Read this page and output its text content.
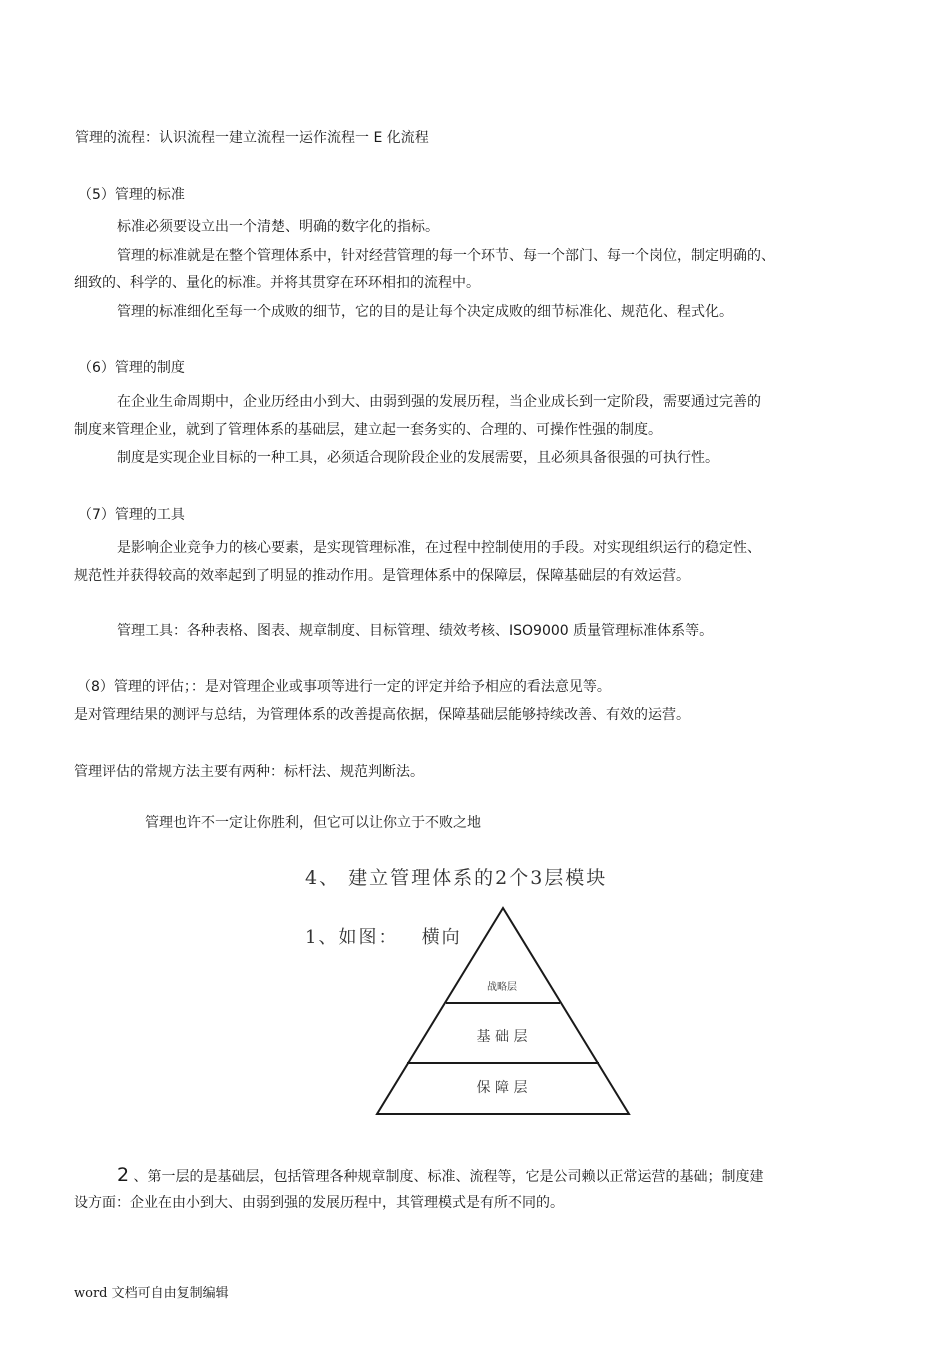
管理的流程：认识流程一建立流程一运作流程一 E 化流程
（5）管理的标准
标准必须要设立出一个清楚、明确的数字化的指标。
管理的标准就是在整个管理体系中，针对经营管理的每一个环节、每一个部门、每一个岗位，制定明确的、
细致的、科学的、量化的标准。并将其贯穿在环环相扣的流程中。
管理的标准细化至每一个成败的细节，它的目的是让每个决定成败的细节标准化、规范化、程式化。
（6）管理的制度
在企业生命周期中，企业历经由小到大、由弱到强的发展历程，当企业成长到一定阶段，需要通过完善的
制度来管理企业，就到了管理体系的基础层，建立起一套务实的、合理的、可操作性强的制度。
制度是实现企业目标的一种工具，必须适合现阶段企业的发展需要，且必须具备很强的可执行性。
（7）管理的工具
是影响企业竞争力的核心要素，是实现管理标准，在过程中控制使用的手段。对实现组织运行的稳定性、
规范性并获得较高的效率起到了明显的推动作用。是管理体系中的保障层，保障基础层的有效运营。
管理工具：各种表格、图表、规章制度、目标管理、绩效考核、ISO9000 质量管理标准体系等。
（8）管理的评估；：是对管理企业或事项等进行一定的评定并给予相应的看法意见等。
是对管理结果的测评与总结，为管理体系的改善提高依据，保障基础层能够持续改善、有效的运营。
管理评估的常规方法主要有两种：标杆法、规范判断法。
管理也许不一定让你胜利，但它可以让你立于不败之地
4、 建立管理体系的2个3层模块
1、如图：   横向
战略层
基 础 层
保 障 层
2 、第一层的是基础层，包括管理各种规章制度、标准、流程等，它是公司赖以正常运营的基础；制度建
设方面：企业在由小到大、由弱到强的发展历程中，其管理模式是有所不同的。
word 文档可自由复制编辑
